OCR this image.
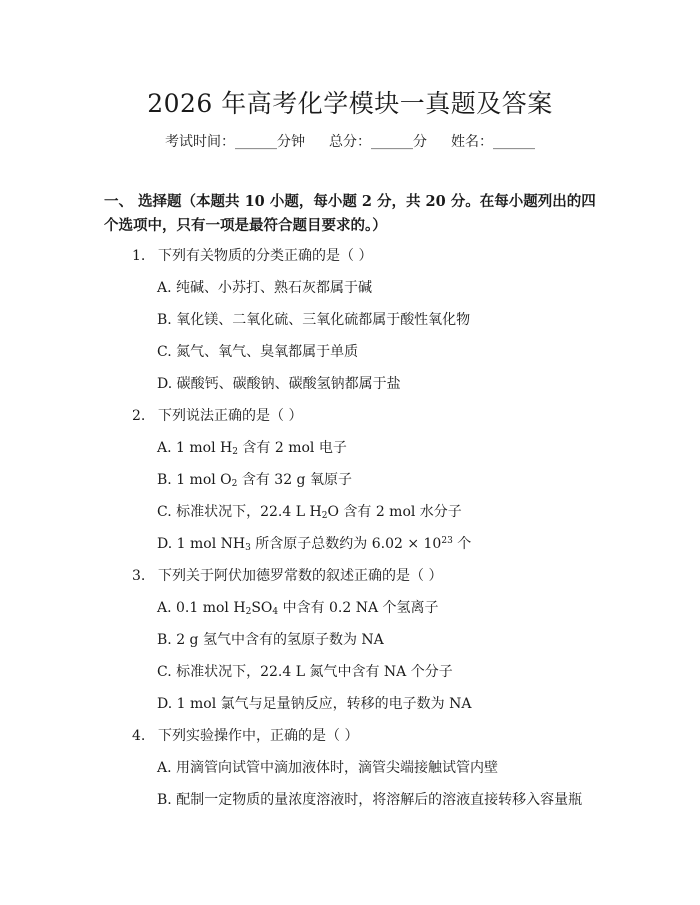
2026 年高考化学模块一真题及答案
考试时间：______分钟 总分：______分 姓名：______
一、 选择题（本题共 10 小题，每小题 2 分，共 20 分。在每小题列出的四个选项中，只有一项是最符合题目要求的。）
1. 下列有关物质的分类正确的是（ ）
A. 纯碱、小苏打、熟石灰都属于碱
B. 氧化镁、二氧化硫、三氧化硫都属于酸性氧化物
C. 氮气、氧气、臭氧都属于单质
D. 碳酸钙、碳酸钠、碳酸氢钠都属于盐
2. 下列说法正确的是（ ）
A. 1 mol $H_2$ 含有 2 mol 电子
B. 1 mol $O_2$ 含有 32 g 氧原子
C. 标准状况下，22.4 L $H_2O$ 含有 2 mol 水分子
D. 1 mol $NH_3$ 所含原子总数约为 $6.02 \times 10^{23}$ 个
3. 下列关于阿伏加德罗常数的叙述正确的是（ ）
A. 0.1 mol $H_2SO_4$ 中含有 0.2 NA 个氢离子
B. 2 g 氢气中含有的氢原子数为 NA
C. 标准状况下，22.4 L 氮气中含有 NA 个分子
D. 1 mol 氯气与足量钠反应，转移的电子数为 NA
4. 下列实验操作中，正确的是（ ）
A. 用滴管向试管中滴加液体时，滴管尖端接触试管内壁
B. 配制一定物质的量浓度溶液时，将溶解后的溶液直接转移入容量瓶
